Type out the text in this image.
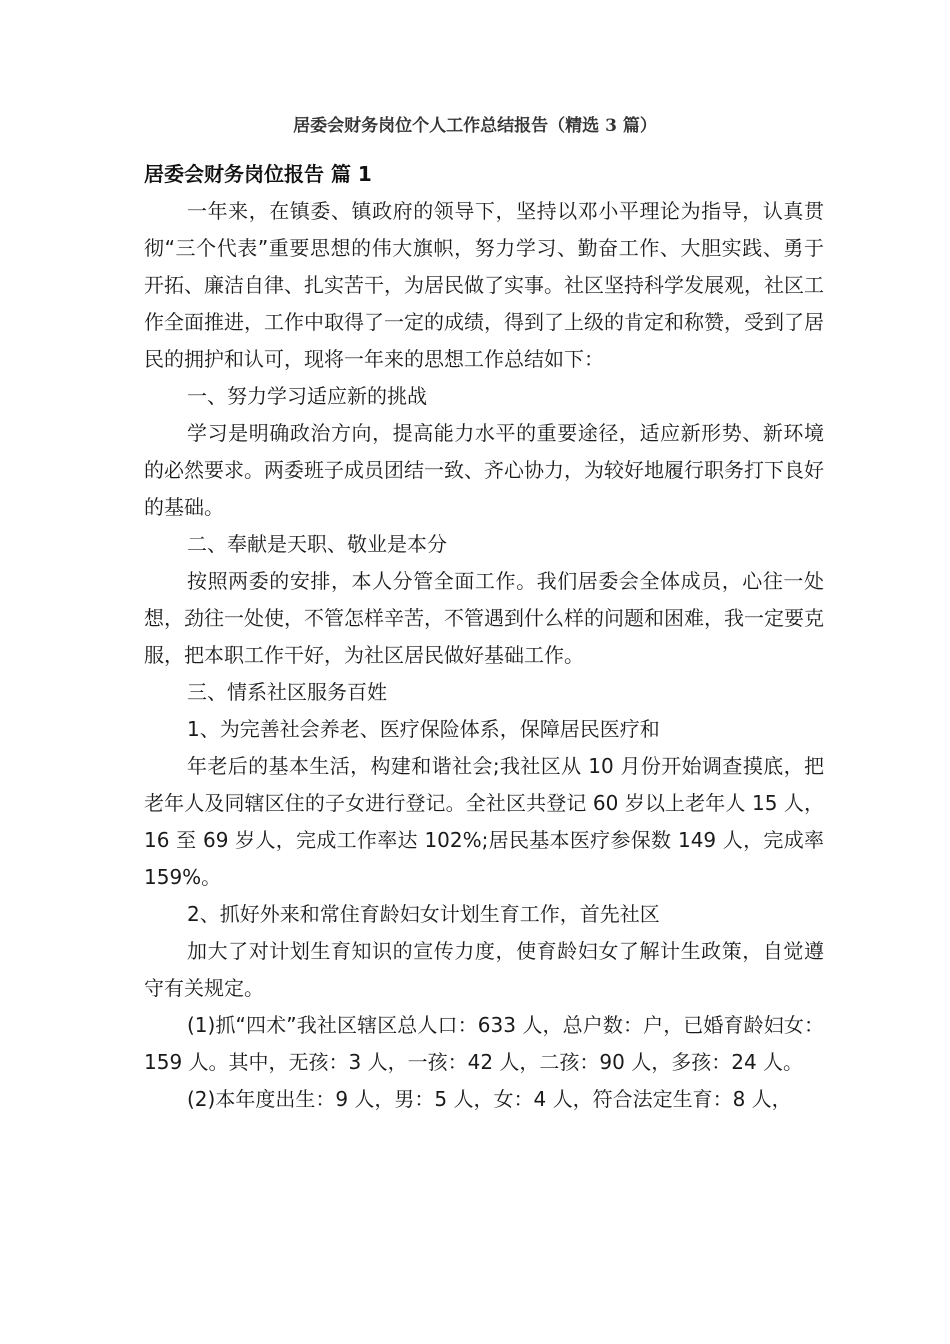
居委会财务岗位个人工作总结报告（精选 3 篇）
居委会财务岗位报告 篇 1

一年来，在镇委、镇政府的领导下，坚持以邓小平理论为指导，认真贯彻“三个代表”重要思想的伟大旗帜，努力学习、勤奋工作、大胆实践、勇于开拓、廉洁自律、扎实苦干，为居民做了实事。社区坚持科学发展观，社区工作全面推进，工作中取得了一定的成绩，得到了上级的肯定和称赞，受到了居民的拥护和认可，现将一年来的思想工作总结如下：

一、努力学习适应新的挑战

学习是明确政治方向，提高能力水平的重要途径，适应新形势、新环境的必然要求。两委班子成员团结一致、齐心协力，为较好地履行职务打下良好的基础。

二、奉献是天职、敬业是本分

按照两委的安排，本人分管全面工作。我们居委会全体成员，心往一处想，劲往一处使，不管怎样辛苦，不管遇到什么样的问题和困难，我一定要克服，把本职工作干好，为社区居民做好基础工作。

三、情系社区服务百姓

1、为完善社会养老、医疗保险体系，保障居民医疗和

年老后的基本生活，构建和谐社会;我社区从 10 月份开始调查摸底，把老年人及同辖区住的子女进行登记。全社区共登记 60 岁以上老年人 15 人，16 至 69 岁人，完成工作率达 102%;居民基本医疗参保数 149 人，完成率 159%。

2、抓好外来和常住育龄妇女计划生育工作，首先社区

加大了对计划生育知识的宣传力度，使育龄妇女了解计生政策，自觉遵守有关规定。

(1)抓“四术”我社区辖区总人口：633 人，总户数：户，已婚育龄妇女：159 人。其中，无孩：3 人，一孩：42 人，二孩：90 人，多孩：24 人。

(2)本年度出生：9 人，男：5 人，女：4 人，符合法定生育：8 人，
